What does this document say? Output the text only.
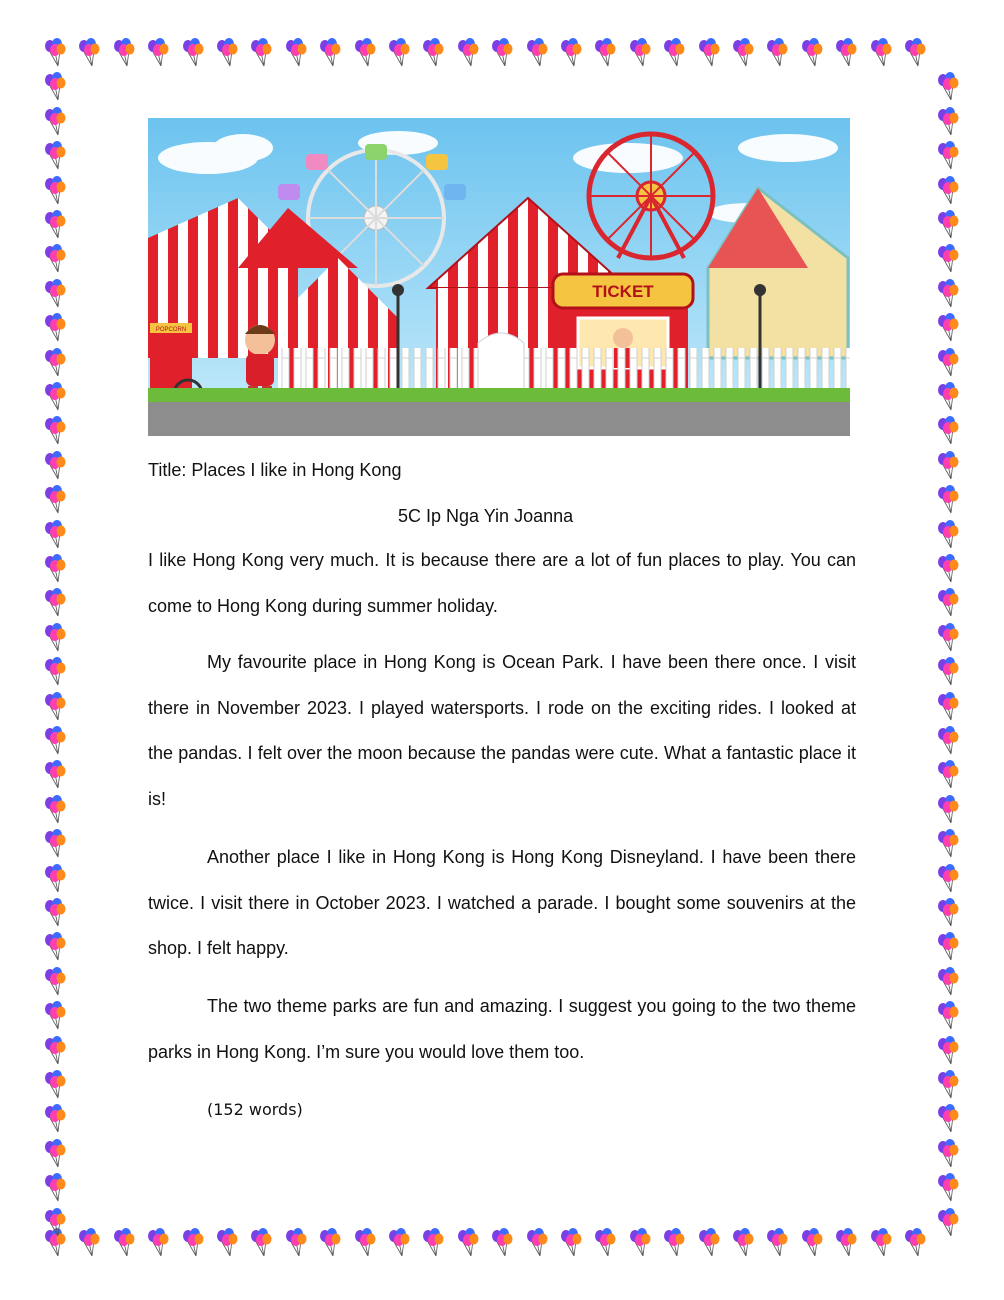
TICKET
POPCORN
Title: Places I like in Hong Kong
5C Ip Nga Yin Joanna

I like Hong Kong very much. It is because there are a lot of fun places to play. You can come to Hong Kong during summer holiday.

My favourite place in Hong Kong is Ocean Park. I have been there once. I visit there in November 2023. I played watersports. I rode on the exciting rides. I looked at the pandas. I felt over the moon because the pandas were cute. What a fantastic place it is!

Another place I like in Hong Kong is Hong Kong Disneyland. I have been there twice. I visit there in October 2023. I watched a parade. I bought some souvenirs at the shop. I felt happy.

The two theme parks are fun and amazing. I suggest you going to the two theme parks in Hong Kong. I’m sure you would love them too.

(152 words)
